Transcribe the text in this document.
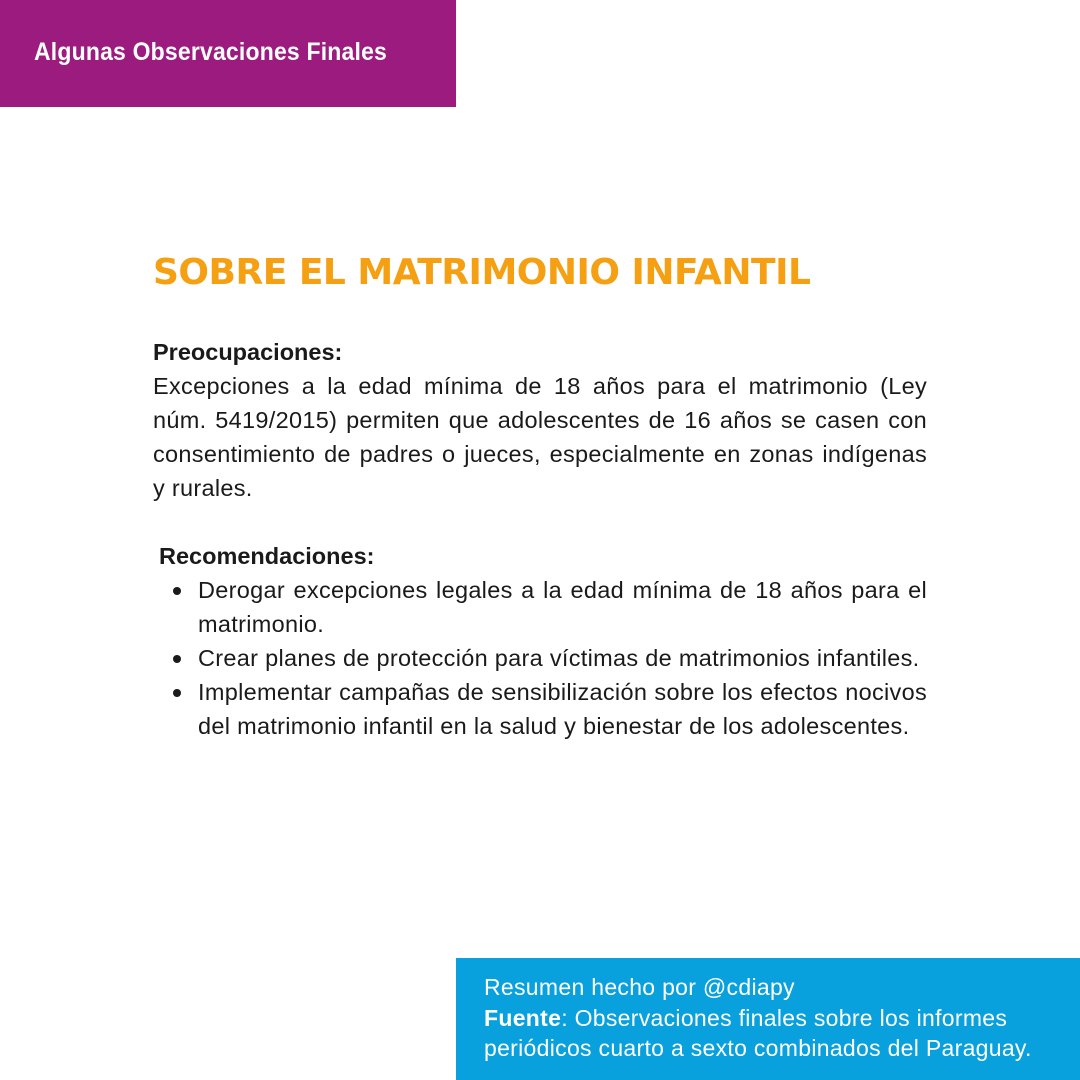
Algunas Observaciones Finales
SOBRE EL MATRIMONIO INFANTIL
Preocupaciones:

Excepciones a la edad mínima de 18 años para el matrimonio (Ley núm. 5419/2015) permiten que adolescentes de 16 años se casen con consentimiento de padres o jueces, especialmente en zonas indígenas y rurales.

Recomendaciones:
Derogar excepciones legales a la edad mínima de 18 años para el matrimonio.
Crear planes de protección para víctimas de matrimonios infantiles.
Implementar campañas de sensibilización sobre los efectos nocivos del matrimonio infantil en la salud y bienestar de los adolescentes.
Resumen hecho por @cdiapy
Fuente: Observaciones finales sobre los informes periódicos cuarto a sexto combinados del Paraguay.
